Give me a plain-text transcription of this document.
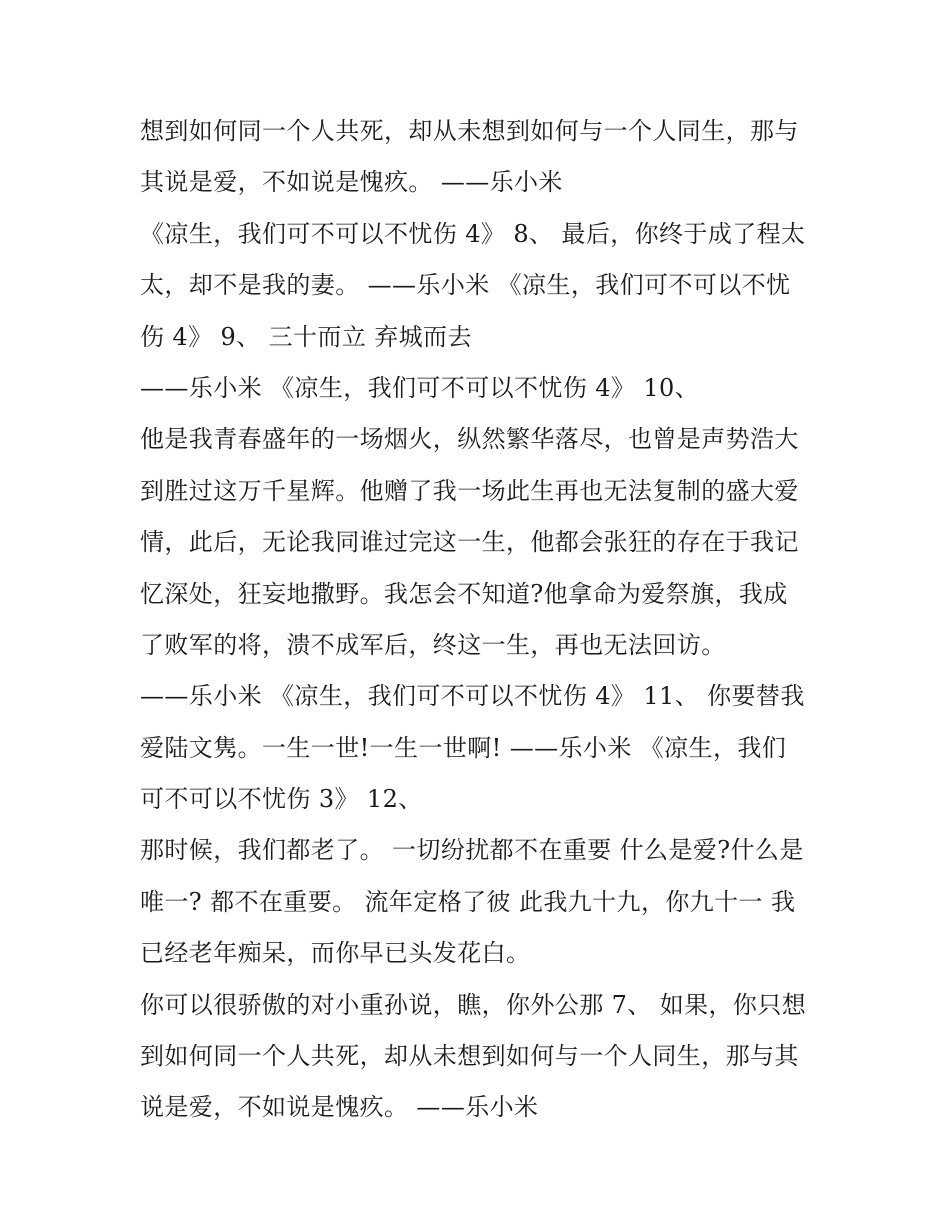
想到如何同一个人共死，却从未想到如何与一个人同生，那与
其说是爱，不如说是愧疚。 ——乐小米
《凉生，我们可不可以不忧伤 4》 8、 最后，你终于成了程太
太，却不是我的妻。 ——乐小米 《凉生，我们可不可以不忧
伤 4》 9、 三十而立 弃城而去
——乐小米 《凉生，我们可不可以不忧伤 4》 10、
他是我青春盛年的一场烟火，纵然繁华落尽，也曾是声势浩大
到胜过这万千星辉。他赠了我一场此生再也无法复制的盛大爱
情，此后，无论我同谁过完这一生，他都会张狂的存在于我记
忆深处，狂妄地撒野。我怎会不知道?他拿命为爱祭旗，我成
了败军的将，溃不成军后，终这一生，再也无法回访。
——乐小米 《凉生，我们可不可以不忧伤 4》 11、 你要替我
爱陆文隽。一生一世!一生一世啊! ——乐小米 《凉生，我们
可不可以不忧伤 3》 12、
那时候，我们都老了。 一切纷扰都不在重要 什么是爱?什么是
唯一? 都不在重要。 流年定格了彼 此我九十九，你九十一 我
已经老年痴呆，而你早已头发花白。
你可以很骄傲的对小重孙说，瞧，你外公那 7、 如果，你只想
到如何同一个人共死，却从未想到如何与一个人同生，那与其
说是爱，不如说是愧疚。 ——乐小米
